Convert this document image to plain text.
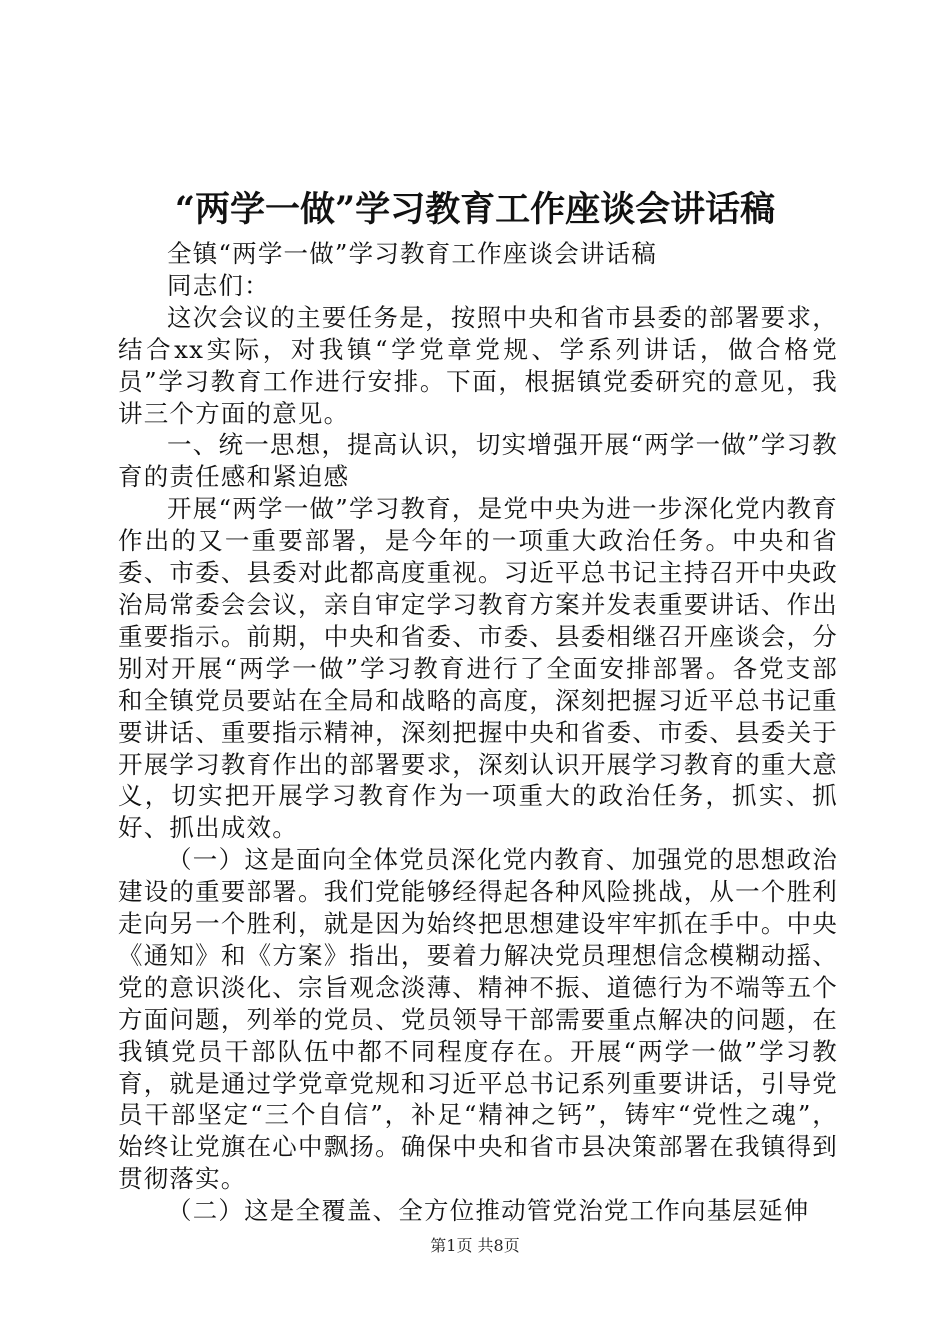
“两学一做”学习教育工作座谈会讲话稿

全镇“两学一做”学习教育工作座谈会讲话稿

同志们：

这次会议的主要任务是，按照中央和省市县委的部署要求，结合xx实际，对我镇“学党章党规、学系列讲话，做合格党员”学习教育工作进行安排。下面，根据镇党委研究的意见，我讲三个方面的意见。

一、统一思想，提高认识，切实增强开展“两学一做”学习教育的责任感和紧迫感

开展“两学一做”学习教育，是党中央为进一步深化党内教育作出的又一重要部署，是今年的一项重大政治任务。中央和省委、市委、县委对此都高度重视。习近平总书记主持召开中央政治局常委会会议，亲自审定学习教育方案并发表重要讲话、作出重要指示。前期，中央和省委、市委、县委相继召开座谈会，分别对开展“两学一做”学习教育进行了全面安排部署。各党支部和全镇党员要站在全局和战略的高度，深刻把握习近平总书记重要讲话、重要指示精神，深刻把握中央和省委、市委、县委关于开展学习教育作出的部署要求，深刻认识开展学习教育的重大意义，切实把开展学习教育作为一项重大的政治任务，抓实、抓好、抓出成效。

（一）这是面向全体党员深化党内教育、加强党的思想政治建设的重要部署。我们党能够经得起各种风险挑战，从一个胜利走向另一个胜利，就是因为始终把思想建设牢牢抓在手中。中央《通知》和《方案》指出，要着力解决党员理想信念模糊动摇、党的意识淡化、宗旨观念淡薄、精神不振、道德行为不端等五个方面问题，列举的党员、党员领导干部需要重点解决的问题，在我镇党员干部队伍中都不同程度存在。开展“两学一做”学习教育，就是通过学党章党规和习近平总书记系列重要讲话，引导党员干部坚定“三个自信”，补足“精神之钙”，铸牢“党性之魂”，始终让党旗在心中飘扬。确保中央和省市县决策部署在我镇得到贯彻落实。

（二）这是全覆盖、全方位推动管党治党工作向基层延伸

第1页 共8页
